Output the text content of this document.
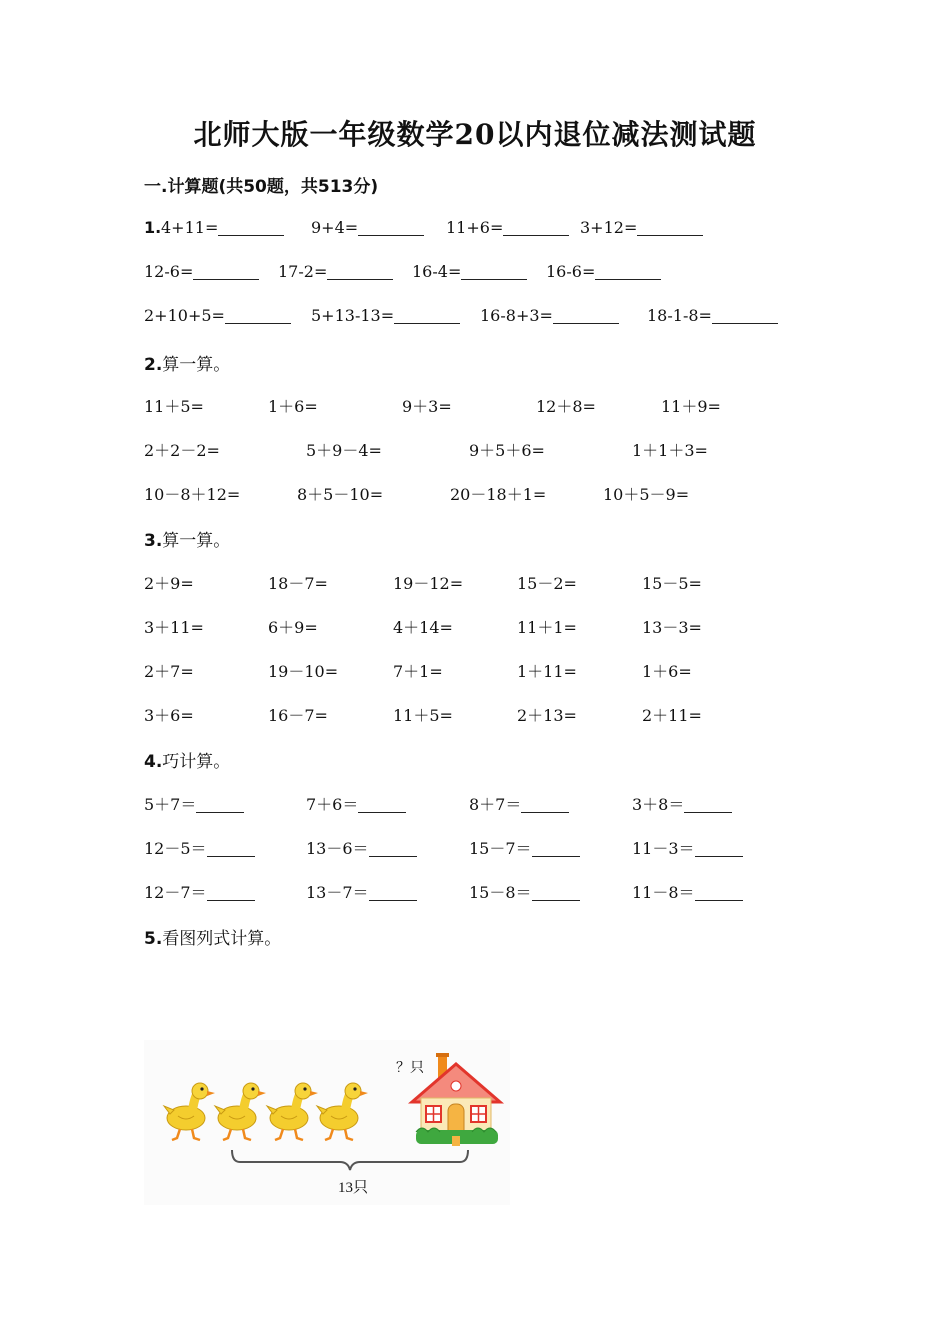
北师大版一年级数学20以内退位减法测试题
一.计算题(共50题，共513分)
1. 4+11=	9+4=	11+6=	3+12=
12-6=	17-2=	16-4=	16-6=
2+10+5=	5+13-13=	16-8+3=	18-1-8=
2.算一算。
11＋5=	1＋6=	9＋3=	12＋8=	11＋9=
2＋2－2=	5＋9－4=	9＋5＋6=	1＋1＋3=
10－8＋12=	8＋5－10=	20－18＋1=	10＋5－9=
3.算一算。
2＋9=	18－7=	19－12=	15－2=	15－5=
3＋11=	6＋9=	4＋14=	11＋1=	13－3=
2＋7=	19－10=	7＋1=	1＋11=	1＋6=
3＋6=	16－7=	11＋5=	2＋13=	2＋11=
4.巧计算。
5＋7＝	7＋6＝	8＋7＝	3＋8＝
12－5＝	13－6＝	15－7＝	11－3＝
12－7＝	13－7＝	15－8＝	11－8＝
5.看图列式计算。
？只
13只
